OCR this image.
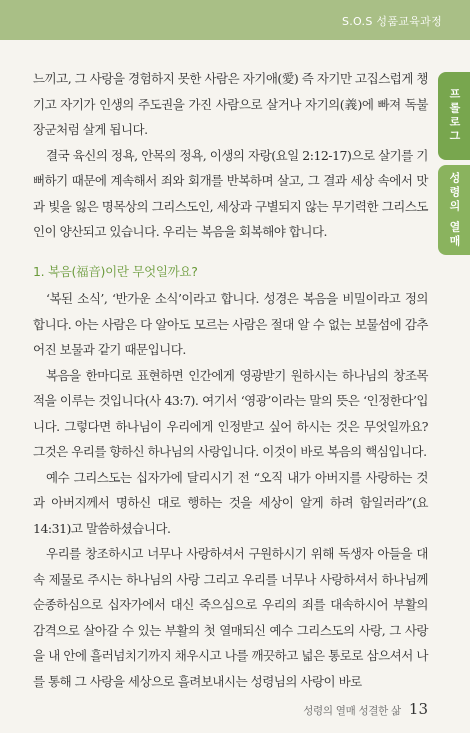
S.O.S 성품교육과정
프롤로그
성령의 열매

느끼고, 그 사랑을 경험하지 못한 사람은 자기애(愛) 즉 자기만 고집스럽게 챙기고 자기가 인생의 주도권을 가진 사람으로 살거나 자기의(義)에 빠져 독불장군처럼 살게 됩니다.

결국 육신의 정욕, 안목의 정욕, 이생의 자랑(요일 2:12-17)으로 살기를 기뻐하기 때문에 계속해서 죄와 회개를 반복하며 살고, 그 결과 세상 속에서 맛과 빛을 잃은 명목상의 그리스도인, 세상과 구별되지 않는 무기력한 그리스도인이 양산되고 있습니다. 우리는 복음을 회복해야 합니다.

1. 복음(福音)이란 무엇일까요?

‘복된 소식’, ‘반가운 소식’이라고 합니다. 성경은 복음을 비밀이라고 정의합니다. 아는 사람은 다 알아도 모르는 사람은 절대 알 수 없는 보물섬에 감추어진 보물과 같기 때문입니다.

복음을 한마디로 표현하면 인간에게 영광받기 원하시는 하나님의 창조목적을 이루는 것입니다(사 43:7). 여기서 ‘영광’이라는 말의 뜻은 ‘인정한다’입니다. 그렇다면 하나님이 우리에게 인정받고 싶어 하시는 것은 무엇일까요? 그것은 우리를 향하신 하나님의 사랑입니다. 이것이 바로 복음의 핵심입니다.

예수 그리스도는 십자가에 달리시기 전 “오직 내가 아버지를 사랑하는 것과 아버지께서 명하신 대로 행하는 것을 세상이 알게 하려 함일러라”(요 14:31)고 말씀하셨습니다.

우리를 창조하시고 너무나 사랑하셔서 구원하시기 위해 독생자 아들을 대속 제물로 주시는 하나님의 사랑 그리고 우리를 너무나 사랑하셔서 하나님께 순종하심으로 십자가에서 대신 죽으심으로 우리의 죄를 대속하시어 부활의 감격으로 살아갈 수 있는 부활의 첫 열매되신 예수 그리스도의 사랑, 그 사랑을 내 안에 흘러넘치기까지 채우시고 나를 깨끗하고 넓은 통로로 삼으셔서 나를 통해 그 사랑을 세상으로 흘려보내시는 성령님의 사랑이 바로

성령의 열매 성결한 삶 13
